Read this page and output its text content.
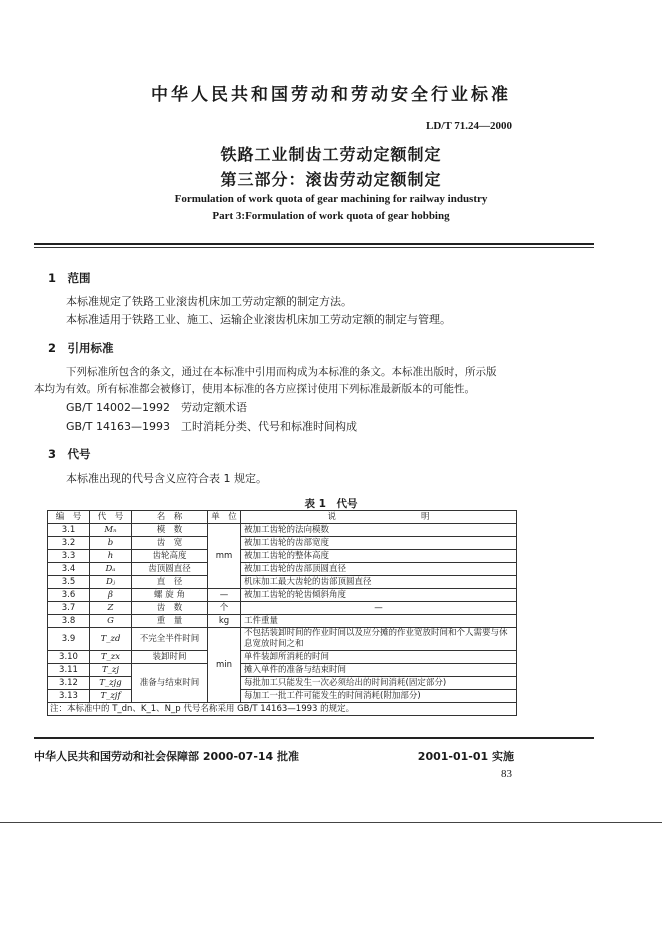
中华人民共和国劳动和劳动安全行业标准
LD/T 71.24—2000
铁路工业制齿工劳动定额制定
第三部分：滚齿劳动定额制定
Formulation of work quota of gear machining for railway industry
Part 3:Formulation of work quota of gear hobbing
1　范围
本标准规定了铁路工业滚齿机床加工劳动定额的制定方法。
本标准适用于铁路工业、施工、运输企业滚齿机床加工劳动定额的制定与管理。
2　引用标准
下列标准所包含的条文，通过在本标准中引用而构成为本标准的条文。本标准出版时，所示版
本均为有效。所有标准都会被修订，使用本标准的各方应探讨使用下列标准最新版本的可能性。
GB/T 14002—1992　劳动定额术语
GB/T 14163—1993　工时消耗分类、代号和标准时间构成
3　代号
本标准出现的代号含义应符合表 1 规定。
表 1　代号
编　号	代　号	名　称	单　位	说　　　　　　　　　　明
3.1	Mₙ	模　数	mm	被加工齿轮的法向模数
3.2	b	齿　宽		被加工齿轮的齿部宽度
3.3	h	齿轮高度		被加工齿轮的整体高度
3.4	Dₐ	齿顶圆直径		被加工齿轮的齿部顶圆直径
3.5	Dⱼ	直　径		机床加工最大齿轮的齿部顶圆直径
3.6	β	螺 旋 角	—	被加工齿轮的轮齿倾斜角度
3.7	Z	齿　数	个	—
3.8	G	重　量	kg	工件重量
3.9	T_zd	不完全半件时间	min	不包括装卸时间的作业时间以及应分摊的作业宽放时间和个人需要与休息宽放时间之和
3.10	T_zx	装卸时间		单件装卸所消耗的时间
3.11	T_zj	准备与结束时间		摊入单件的准备与结束时间
3.12	T_zjg			每批加工只能发生一次必须给出的时间消耗(固定部分)
3.13	T_zjf			每加工一批工件可能发生的时间消耗(附加部分)
注：本标准中的 T_dn、K_1、N_p 代号名称采用 GB/T 14163—1993 的规定。				
中华人民共和国劳动和社会保障部 2000-07-14 批准	2001-01-01 实施
83
